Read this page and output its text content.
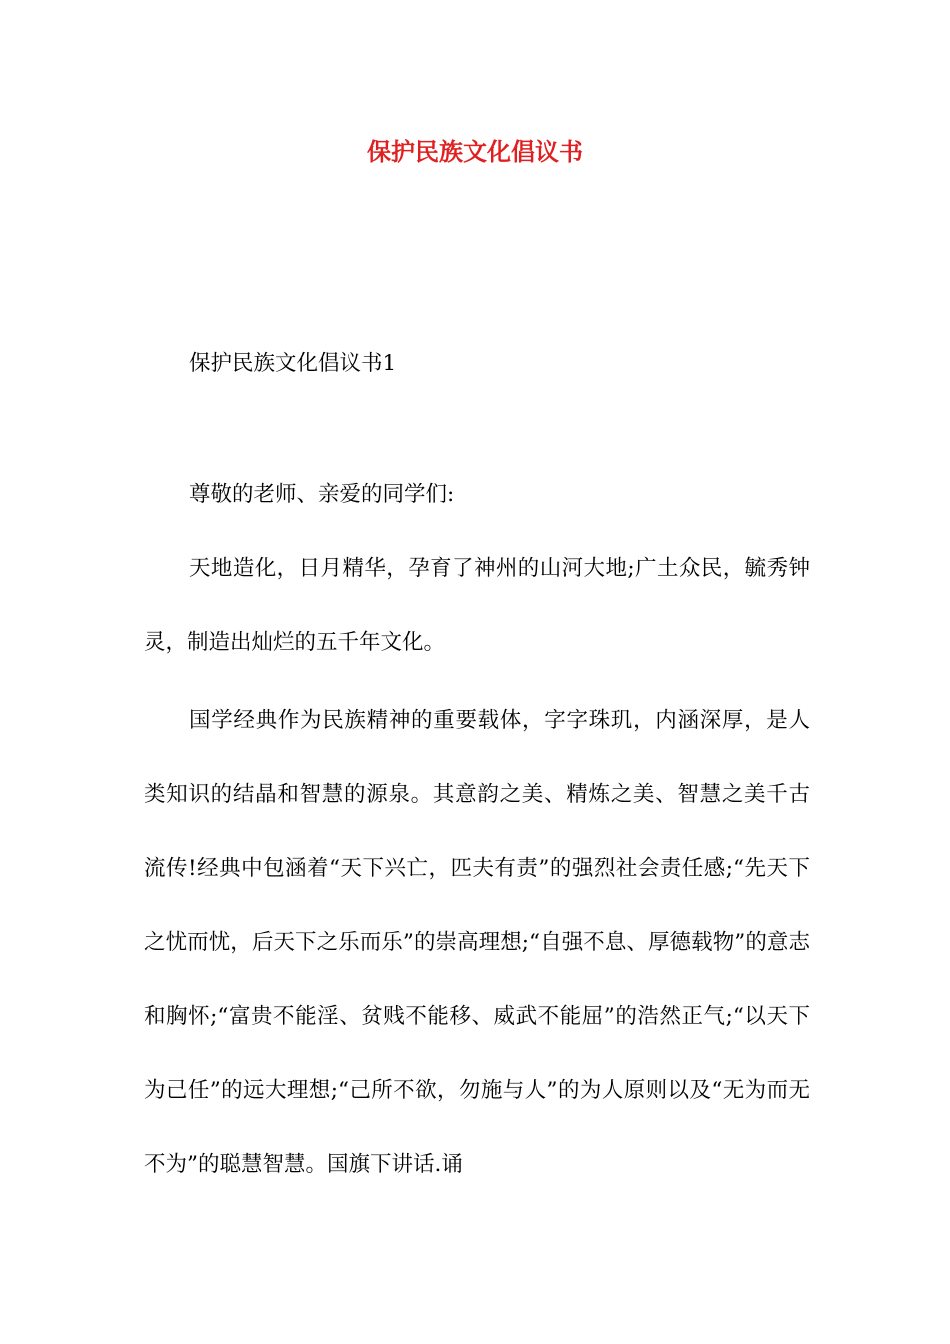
保护民族文化倡议书
保护民族文化倡议书1
尊敬的老师、亲爱的同学们:
天地造化，日月精华，孕育了神州的山河大地;广土众民，毓秀钟灵，制造出灿烂的五千年文化。
国学经典作为民族精神的重要载体，字字珠玑，内涵深厚，是人类知识的结晶和智慧的源泉。其意韵之美、精炼之美、智慧之美千古流传!经典中包涵着“天下兴亡，匹夫有责”的强烈社会责任感;“先天下之忧而忧，后天下之乐而乐”的崇高理想;“自强不息、厚德载物”的意志和胸怀;“富贵不能淫、贫贱不能移、威武不能屈”的浩然正气;“以天下为己任”的远大理想;“己所不欲，勿施与人”的为人原则以及“无为而无不为”的聪慧智慧。国旗下讲话.诵
